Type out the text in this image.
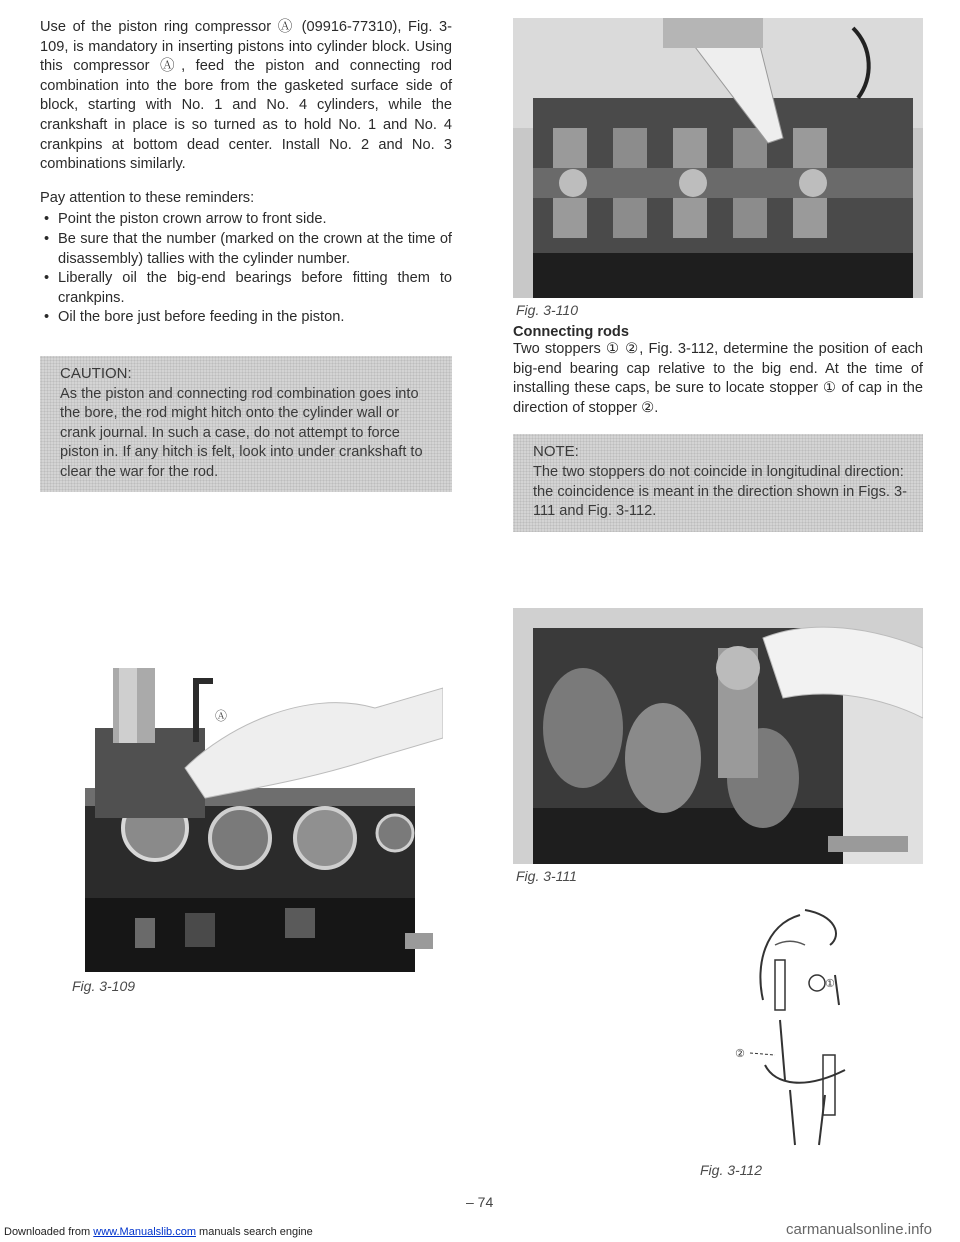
Use of the piston ring compressor Ⓐ (09916-77310), Fig. 3-109, is mandatory in inserting pistons into cylinder block. Using this compressor Ⓐ, feed the piston and connecting rod combination into the bore from the gasketed surface side of block, starting with No. 1 and No. 4 cylinders, while the crankshaft in place is so turned as to hold No. 1 and No. 4 crankpins at bottom dead center. Install No. 2 and No. 3 combinations similarly.

Pay attention to these reminders:

• Point the piston crown arrow to front side.
• Be sure that the number (marked on the crown at the time of disassembly) tallies with the cylinder number.
• Liberally oil the big-end bearings before fitting them to crankpins.
• Oil the bore just before feeding in the piston.
CAUTION:
As the piston and connecting rod combination goes into the bore, the rod might hitch onto the cylinder wall or crank journal. In such a case, do not attempt to force piston in. If any hitch is felt, look into under crankshaft to clear the war for the rod.
Ⓐ
Fig. 3-109
Fig. 3-110
Connecting rods

Two stoppers ① ②, Fig. 3-112, determine the position of each big-end bearing cap relative to the big end. At the time of installing these caps, be sure to locate stopper ① of cap in the direction of stopper ②.

NOTE:
The two stoppers do not coincide in longitudinal direction: the coincidence is meant in the direction shown in Figs. 3-111 and Fig. 3-112.
Fig. 3-111
①
②
Fig. 3-112
– 74
Downloaded from www.Manualslib.com manuals search engine	carmanualsonline.info
